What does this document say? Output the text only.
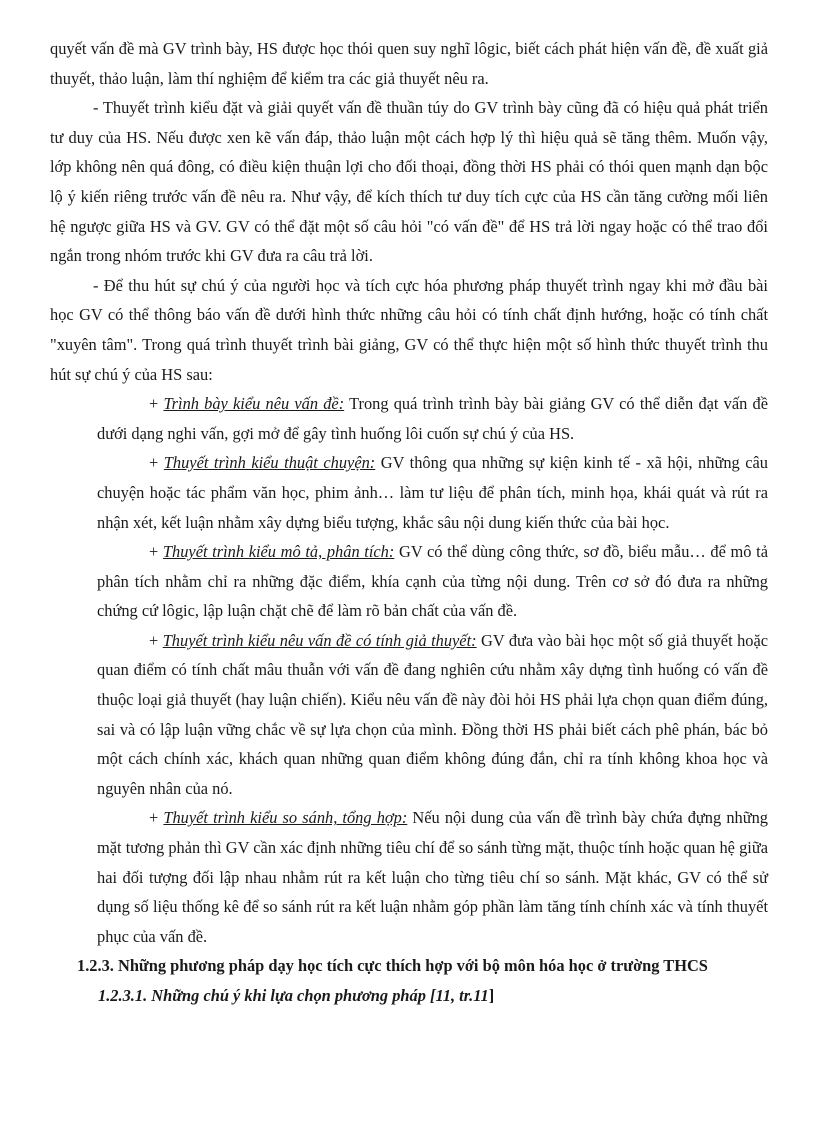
quyết vấn đề mà GV trình bày, HS được học thói quen suy nghĩ lôgic, biết cách phát hiện vấn đề, đề xuất giả thuyết, thảo luận, làm thí nghiệm để kiểm tra các giả thuyết nêu ra.

- Thuyết trình kiểu đặt và giải quyết vấn đề thuần túy do GV trình bày cũng đã có hiệu quả phát triển tư duy của HS. Nếu được xen kẽ vấn đáp, thảo luận một cách hợp lý thì hiệu quả sẽ tăng thêm. Muốn vậy, lớp không nên quá đông, có điều kiện thuận lợi cho đối thoại, đồng thời HS phải có thói quen mạnh dạn bộc lộ ý kiến riêng trước vấn đề nêu ra. Như vậy, để kích thích tư duy tích cực của HS cần tăng cường mối liên hệ ngược giữa HS và GV. GV có thể đặt một số câu hỏi "có vấn đề" để HS trả lời ngay hoặc có thể trao đổi ngắn trong nhóm trước khi GV đưa ra câu trả lời.

- Để thu hút sự chú ý của người học và tích cực hóa phương pháp thuyết trình ngay khi mở đầu bài học GV có thể thông báo vấn đề dưới hình thức những câu hỏi có tính chất định hướng, hoặc có tính chất "xuyên tâm". Trong quá trình thuyết trình bài giảng, GV có thể thực hiện một số hình thức thuyết trình thu hút sự chú ý của HS sau:

+ Trình bày kiểu nêu vấn đề: Trong quá trình trình bày bài giảng GV có thể diễn đạt vấn đề dưới dạng nghi vấn, gợi mở để gây tình huống lôi cuốn sự chú ý của HS.

+ Thuyết trình kiểu thuật chuyện: GV thông qua những sự kiện kinh tế - xã hội, những câu chuyện hoặc tác phẩm văn học, phim ảnh… làm tư liệu để phân tích, minh họa, khái quát và rút ra nhận xét, kết luận nhằm xây dựng biểu tượng, khắc sâu nội dung kiến thức của bài học.

+ Thuyết trình kiểu mô tả, phân tích: GV có thể dùng công thức, sơ đồ, biểu mẫu… để mô tả phân tích nhằm chỉ ra những đặc điểm, khía cạnh của từng nội dung. Trên cơ sở đó đưa ra những chứng cứ lôgic, lập luận chặt chẽ để làm rõ bản chất của vấn đề.

+ Thuyết trình kiểu nêu vấn đề có tính giả thuyết: GV đưa vào bài học một số giả thuyết hoặc quan điểm có tính chất mâu thuẫn với vấn đề đang nghiên cứu nhằm xây dựng tình huống có vấn đề thuộc loại giả thuyết (hay luận chiến). Kiểu nêu vấn đề này đòi hỏi HS phải lựa chọn quan điểm đúng, sai và có lập luận vững chắc về sự lựa chọn của mình. Đồng thời HS phải biết cách phê phán, bác bỏ một cách chính xác, khách quan những quan điểm không đúng đắn, chỉ ra tính không khoa học và nguyên nhân của nó.

+ Thuyết trình kiểu so sánh, tổng hợp: Nếu nội dung của vấn đề trình bày chứa đựng những mặt tương phản thì GV cần xác định những tiêu chí để so sánh từng mặt, thuộc tính hoặc quan hệ giữa hai đối tượng đối lập nhau nhằm rút ra kết luận cho từng tiêu chí so sánh. Mặt khác, GV có thể sử dụng số liệu thống kê để so sánh rút ra kết luận nhằm góp phần làm tăng tính chính xác và tính thuyết phục của vấn đề.

1.2.3. Những phương pháp dạy học tích cực thích hợp với bộ môn hóa học ở trường THCS

1.2.3.1. Những chú ý khi lựa chọn phương pháp [11, tr.11]
